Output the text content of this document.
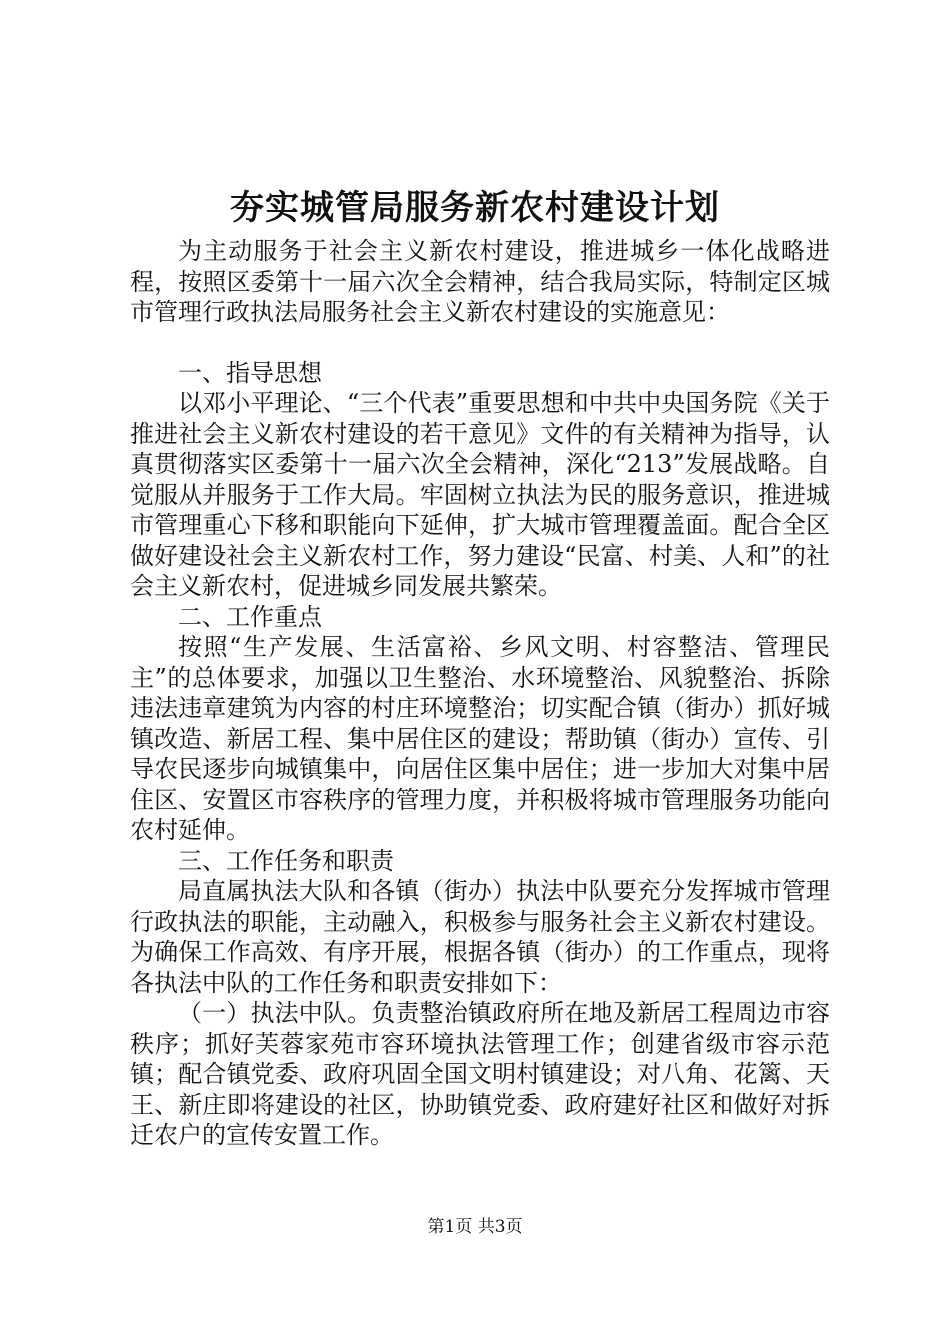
夯实城管局服务新农村建设计划

为主动服务于社会主义新农村建设，推进城乡一体化战略进程，按照区委第十一届六次全会精神，结合我局实际，特制定区城市管理行政执法局服务社会主义新农村建设的实施意见：

一、指导思想

以邓小平理论、“三个代表”重要思想和中共中央国务院《关于推进社会主义新农村建设的若干意见》文件的有关精神为指导，认真贯彻落实区委第十一届六次全会精神，深化“213”发展战略。自觉服从并服务于工作大局。牢固树立执法为民的服务意识，推进城市管理重心下移和职能向下延伸，扩大城市管理覆盖面。配合全区做好建设社会主义新农村工作，努力建设“民富、村美、人和”的社会主义新农村，促进城乡同发展共繁荣。

二、工作重点

按照“生产发展、生活富裕、乡风文明、村容整洁、管理民主”的总体要求，加强以卫生整治、水环境整治、风貌整治、拆除违法违章建筑为内容的村庄环境整治；切实配合镇（街办）抓好城镇改造、新居工程、集中居住区的建设；帮助镇（街办）宣传、引导农民逐步向城镇集中，向居住区集中居住；进一步加大对集中居住区、安置区市容秩序的管理力度，并积极将城市管理服务功能向农村延伸。

三、工作任务和职责

局直属执法大队和各镇（街办）执法中队要充分发挥城市管理行政执法的职能，主动融入，积极参与服务社会主义新农村建设。为确保工作高效、有序开展，根据各镇（街办）的工作重点，现将各执法中队的工作任务和职责安排如下：

（一）执法中队。负责整治镇政府所在地及新居工程周边市容秩序；抓好芙蓉家苑市容环境执法管理工作；创建省级市容示范镇；配合镇党委、政府巩固全国文明村镇建设；对八角、花篱、天王、新庄即将建设的社区，协助镇党委、政府建好社区和做好对拆迁农户的宣传安置工作。

第1页 共3页
